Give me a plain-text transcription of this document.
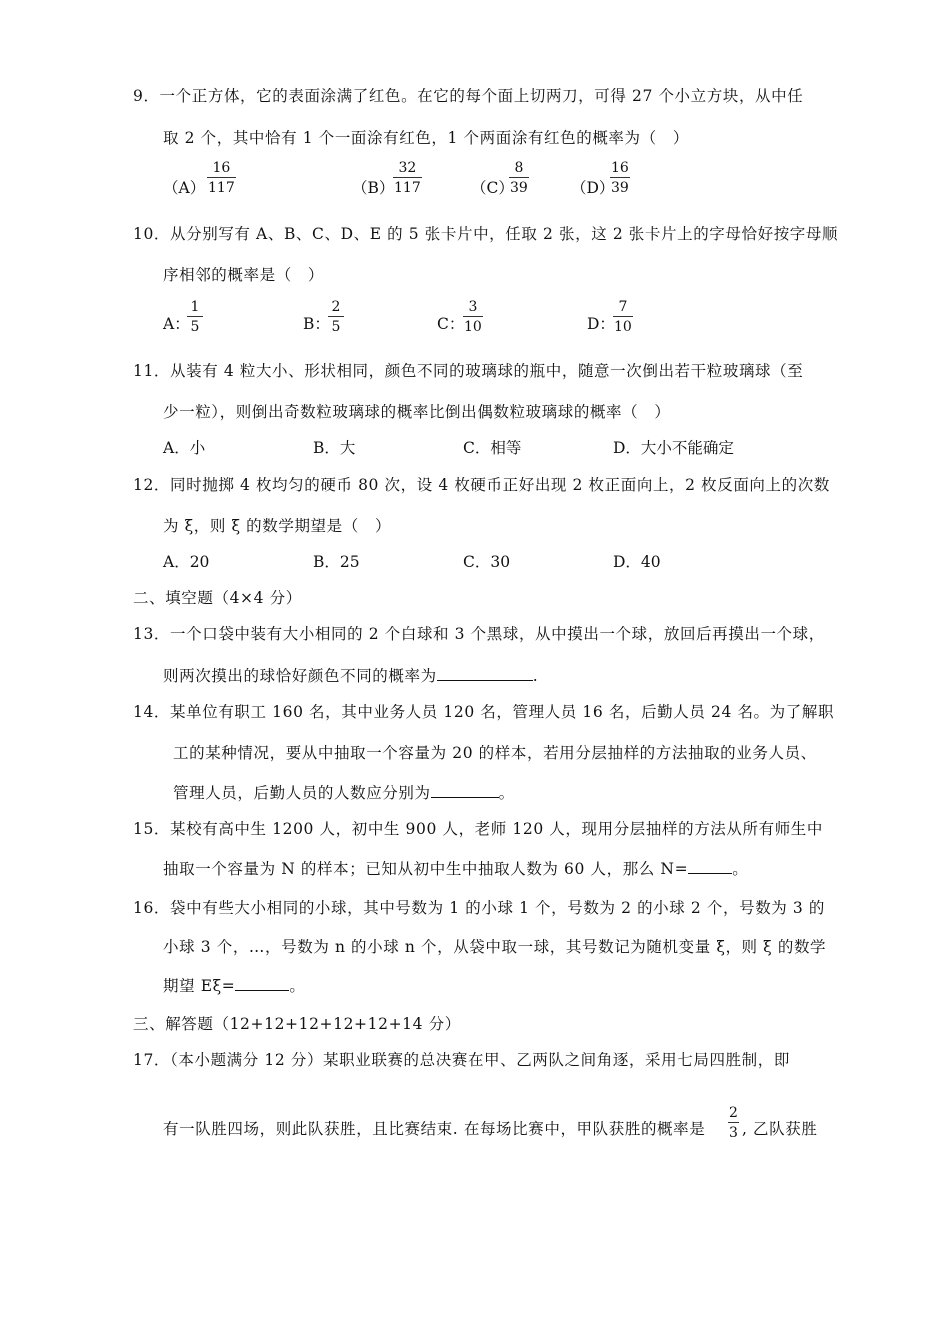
9．一个正方体，它的表面涂满了红色。在它的每个面上切两刀，可得 27 个小立方块，从中任
取 2 个，其中恰有 1 个一面涂有红色，1 个两面涂有红色的概率为（　）
（A）
16
117	（B）
32
117	（C）
8
39	（D）
16
39
10．从分别写有 A、B、C、D、E 的 5 张卡片中，任取 2 张，这 2 张卡片上的字母恰好按字母顺
序相邻的概率是（　）
A：
1
5	B：
2
5	C：
3
10	D：
7
10
11．从装有 4 粒大小、形状相同，颜色不同的玻璃球的瓶中，随意一次倒出若干粒玻璃球（至
少一粒），则倒出奇数粒玻璃球的概率比倒出偶数粒玻璃球的概率（　）
A．小	B．大	C．相等	D．大小不能确定
12．同时抛掷 4 枚均匀的硬币 80 次，设 4 枚硬币正好出现 2 枚正面向上，2 枚反面向上的次数
为 ξ，则 ξ 的数学期望是（　）
A．20	B．25	C．30	D．40
二、填空题（4×4 分）
13．一个口袋中装有大小相同的 2 个白球和 3 个黑球，从中摸出一个球，放回后再摸出一个球，
则两次摸出的球恰好颜色不同的概率为	.
14．某单位有职工 160 名，其中业务人员 120 名，管理人员 16 名，后勤人员 24 名。为了解职
工的某种情况，要从中抽取一个容量为 20 的样本，若用分层抽样的方法抽取的业务人员、
管理人员，后勤人员的人数应分别为	。
15．某校有高中生 1200 人，初中生 900 人，老师 120 人，现用分层抽样的方法从所有师生中
抽取一个容量为 N 的样本；已知从初中生中抽取人数为 60 人，那么 N=	。
16．袋中有些大小相同的小球，其中号数为 1 的小球 1 个，号数为 2 的小球 2 个，号数为 3 的
小球 3 个，…，号数为 n 的小球 n 个，从袋中取一球，其号数记为随机变量 ξ，则 ξ 的数学
期望 Eξ=	。
三、解答题（12+12+12+12+12+14 分）
17．（本小题满分 12 分）某职业联赛的总决赛在甲、乙两队之间角逐，采用七局四胜制，即
有一队胜四场，则此队获胜，且比赛结束. 在每场比赛中，甲队获胜的概率是
2
3 , 乙队获胜
